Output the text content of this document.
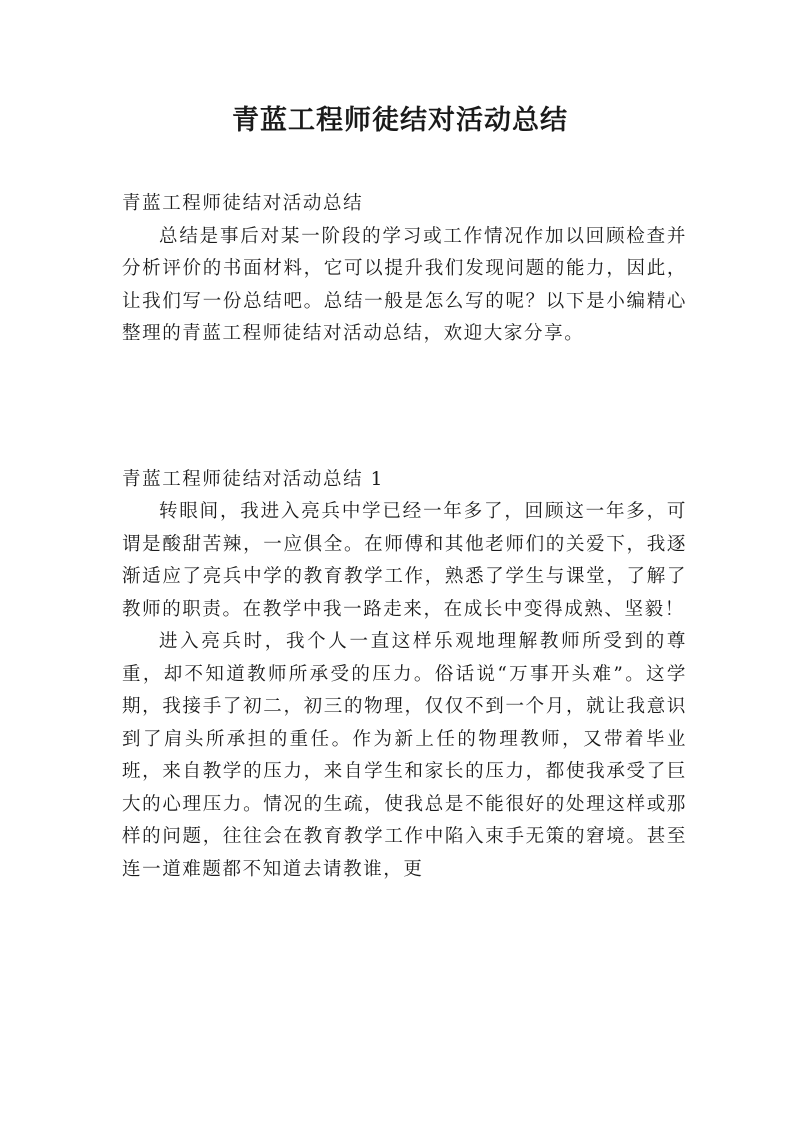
青蓝工程师徒结对活动总结

青蓝工程师徒结对活动总结

总结是事后对某一阶段的学习或工作情况作加以回顾检查并分析评价的书面材料，它可以提升我们发现问题的能力，因此，让我们写一份总结吧。总结一般是怎么写的呢？以下是小编精心整理的青蓝工程师徒结对活动总结，欢迎大家分享。

青蓝工程师徒结对活动总结 1

转眼间，我进入亮兵中学已经一年多了，回顾这一年多，可谓是酸甜苦辣，一应俱全。在师傅和其他老师们的关爱下，我逐渐适应了亮兵中学的教育教学工作，熟悉了学生与课堂，了解了教师的职责。在教学中我一路走来，在成长中变得成熟、坚毅！

进入亮兵时，我个人一直这样乐观地理解教师所受到的尊重，却不知道教师所承受的压力。俗话说“万事开头难”。这学期，我接手了初二，初三的物理，仅仅不到一个月，就让我意识到了肩头所承担的重任。作为新上任的物理教师，又带着毕业班，来自教学的压力，来自学生和家长的压力，都使我承受了巨大的心理压力。情况的生疏，使我总是不能很好的处理这样或那样的问题，往往会在教育教学工作中陷入束手无策的窘境。甚至连一道难题都不知道去请教谁，更
